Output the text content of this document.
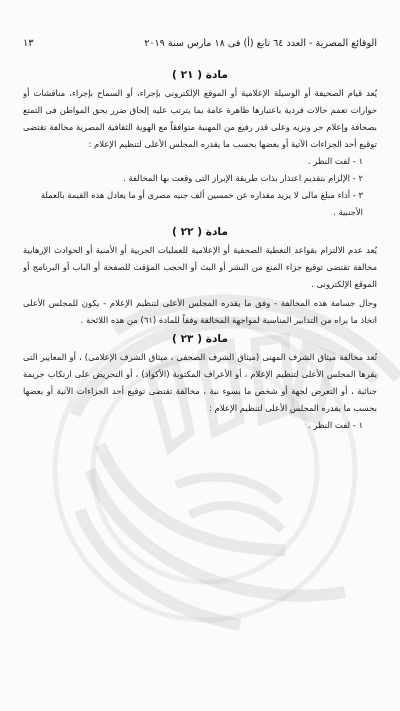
الوقائع المصرية - العدد ٦٤ تابع (أ) فى ١٨ مارس سنة ٢٠١٩
١٣
مادة ( ٢١ )

يُعد قيام الصحيفة أو الوسيلة الإعلامية أو الموقع الإلكترونى بإجراء، أو السماح بإجراء، مناقشات أو حوارات تعمم حالات فردية باعتبارها ظاهرة عامة بما يترتب عليه إلحاق ضرر بحق المواطن فى التمتع بصحافة وإعلام حر ونزيه وعلى قدر رفيع من المهنية متوافقاً مع الهوية الثقافية المصرية مخالفة تقتضى توقيع أحد الجزاءات الآتية أو بعضها بحسب ما يقدره المجلس الأعلى لتنظيم الإعلام :

١ - لفت النظر .

٢ - الإلزام بتقديم اعتذار بذات طريقة الإبراز التى وقعت بها المخالفة .

٣ - أداء مبلغ مالى لا يزيد مقداره عن خمسين ألف جنيه مصرى أو ما يعادل هذه القيمة بالعملة الأجنبية .

مادة ( ٢٢ )

يُعد عدم الالتزام بقواعد التغطية الصحفية أو الإعلامية للعمليات الحربية أو الأمنية أو الحوادث الإرهابية مخالفة تقتضى توقيع جزاء المنع من النشر أو البث أو الحجب المؤقت للصفحة أو الباب أو البرنامج أو الموقع الإلكترونى .

وحال جسامة هذه المخالفة - وفق ما يقدره المجلس الأعلى لتنظيم الإعلام - يكون للمجلس الأعلى اتخاذ ما يراه من التدابير المناسبة لمواجهة المخالفة وفقاً للمادة (٦١) من هذه اللائحة .

مادة ( ٢٣ )

تُعد مخالفة ميثاق الشرف المهنى (ميثاق الشرف الصحفى ، ميثاق الشرف الإعلامى) ، أو المعايير التى يقرها المجلس الأعلى لتنظيم الإعلام ، أو الأعراف المكتوبة (الأكواد) ، أو التحريض على ارتكاب جريمة جنائية ، أو التعرض لجهة أو شخص ما بسوء نية ، مخالفة تقتضى توقيع أحد الجزاءات الآتية أو بعضها بحسب ما يقدره المجلس الأعلى لتنظيم الإعلام :

١ - لفت النظر .
